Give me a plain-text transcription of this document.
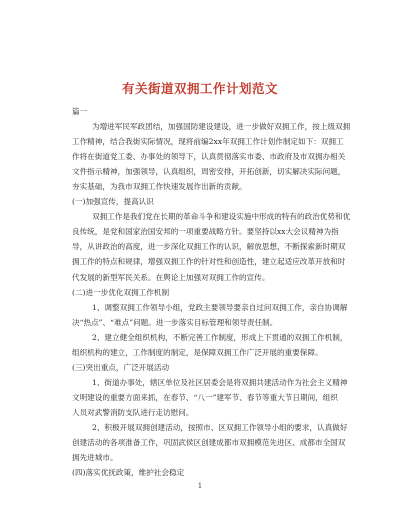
有关街道双拥工作计划范文
篇一
为增进军民军政团结，加强国防建设建设，进一步做好双拥工作，按上级双拥
工作精神，结合我街实际情况，现将前编2xx年双拥工作计划作制定如下：双拥工
作将在街道党工委、办事处的领导下，认真贯彻落实市委、市政府及市双拥办相关
文件指示精神，加强领导，认真组织，周密安排，开拓创新，切实解决实际问题，
夯实基础，为我市双拥工作快速发展作出新的贡献。
(一)加强宣传，提高认识
双拥工作是我们党在长期的革命斗争和建设实施中形成的特有的政治优势和优
良传统，是党和国家治国安邦的一项重要战略方针。要坚持以xx大会议精神为指
导，从讲政治的高度，进一步深化双拥工作的认识，解放思想，不断探索新时期双
拥工作的特点和规律，增强双拥工作的针对性和创造性，建立起适应改革开放和时
代发展的新型军民关系。在舆论上加强对双拥工作的宣传。
(二)进一步优化双拥工作机制
1、调整双拥工作领导小组，党政主要领导要亲自过问双拥工作，亲自协调解
决“热点”、“难点”问题。进一步落实目标管理和领导责任制。
2、建立健全组织机构，不断完善工作制度，形成上下贯通的双拥工作机制，
组织机构的建立，工作制度的制定，是保障双拥工作广泛开展的重要保障。
(三)突出重点，广泛开展活动
1、街道办事处，辖区单位及社区居委会是将双拥共建活动作为社会主义精神
文明建设的重要方面来抓，在春节、“八一”建军节、春节等重大节日期间，组织
人员对武警消防支队进行走访慰问。
2、积极开展双拥创建活动，按照市、区双拥工作领导小组的要求，认真做好
创建活动的各项准备工作，巩固武侯区创建成都市双拥模范先进区、成都市全国双
拥先进城市。
(四)落实优抚政策，维护社会稳定
1
